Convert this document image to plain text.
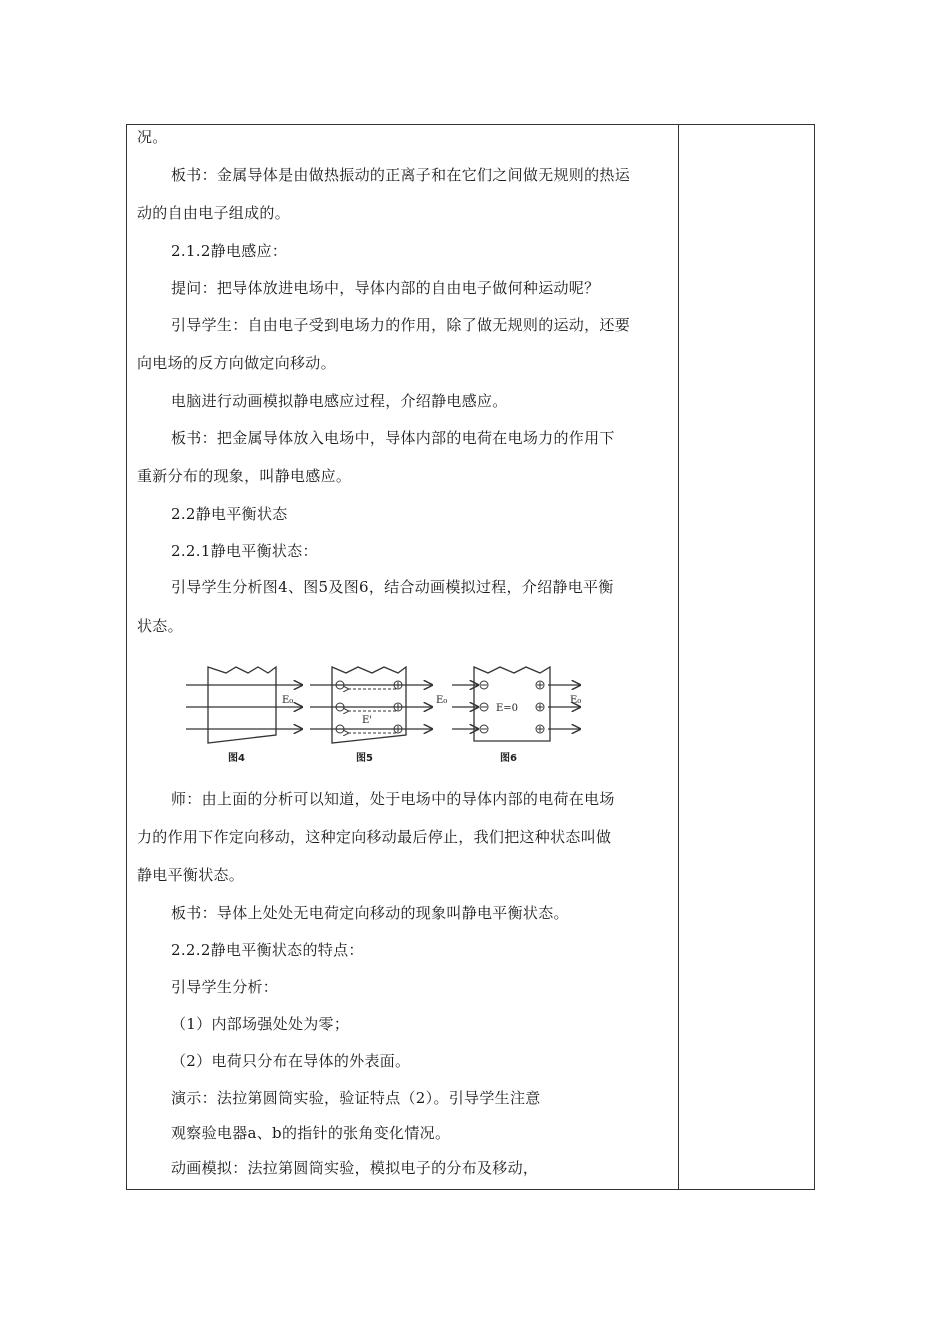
况。
板书：金属导体是由做热振动的正离子和在它们之间做无规则的热运
动的自由电子组成的。
2.1.2静电感应：
提问：把导体放进电场中，导体内部的自由电子做何种运动呢？
引导学生：自由电子受到电场力的作用，除了做无规则的运动，还要
向电场的反方向做定向移动。
电脑进行动画模拟静电感应过程，介绍静电感应。
板书：把金属导体放入电场中，导体内部的电荷在电场力的作用下
重新分布的现象，叫静电感应。
2.2静电平衡状态
2.2.1静电平衡状态：
引导学生分析图4、图5及图6，结合动画模拟过程，介绍静电平衡
状态。
E₀
图4
E'
E₀
图5
E=0
E₀
图6
师：由上面的分析可以知道，处于电场中的导体内部的电荷在电场
力的作用下作定向移动，这种定向移动最后停止，我们把这种状态叫做
静电平衡状态。
板书：导体上处处无电荷定向移动的现象叫静电平衡状态。
2.2.2静电平衡状态的特点：
引导学生分析：
（1）内部场强处处为零；
（2）电荷只分布在导体的外表面。
演示：法拉第圆筒实验，验证特点（2）。引导学生注意
观察验电器a、b的指针的张角变化情况。
动画模拟：法拉第圆筒实验，模拟电子的分布及移动，
